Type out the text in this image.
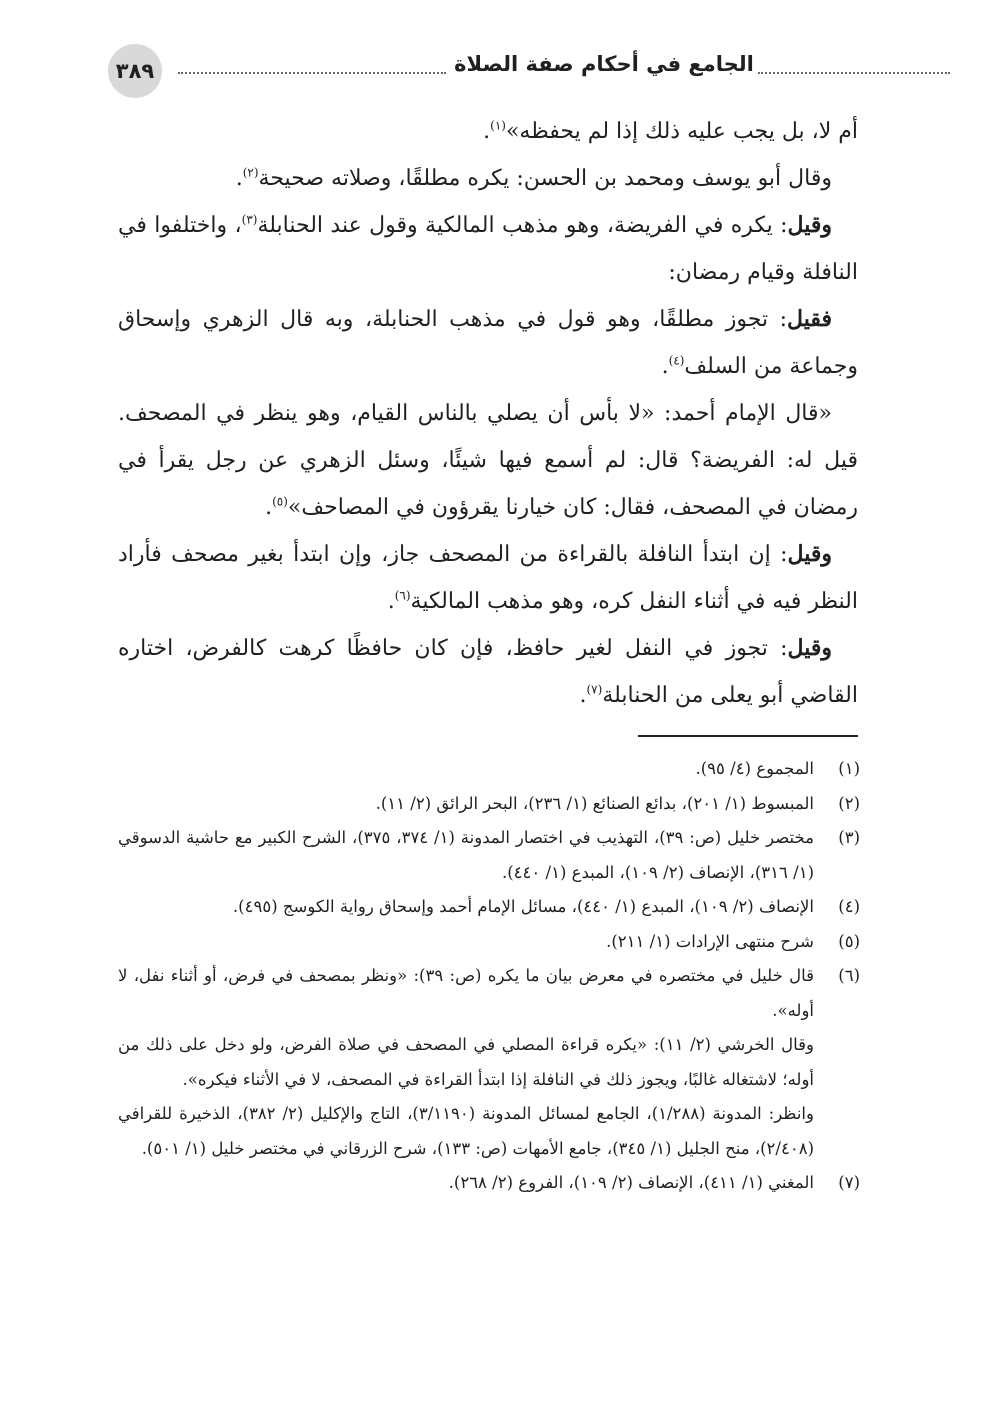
٣٨٩	الجامع في أحكام صفة الصلاة

أم لا، بل يجب عليه ذلك إذا لم يحفظه»$^{(١)}$.

وقال أبو يوسف ومحمد بن الحسن: يكره مطلقًا، وصلاته صحيحة$^{(٢)}$.

وقيل: يكره في الفريضة، وهو مذهب المالكية وقول عند الحنابلة$^{(٣)}$، واختلفوا في النافلة وقيام رمضان:

فقيل: تجوز مطلقًا، وهو قول في مذهب الحنابلة، وبه قال الزهري وإسحاق وجماعة من السلف$^{(٤)}$.

«قال الإمام أحمد: «لا بأس أن يصلي بالناس القيام، وهو ينظر في المصحف. قيل له: الفريضة؟ قال: لم أسمع فيها شيئًا، وسئل الزهري عن رجل يقرأ في رمضان في المصحف، فقال: كان خيارنا يقرؤون في المصاحف»$^{(٥)}$.

وقيل: إن ابتدأ النافلة بالقراءة من المصحف جاز، وإن ابتدأ بغير مصحف فأراد النظر فيه في أثناء النفل كره، وهو مذهب المالكية$^{(٦)}$.

وقيل: تجوز في النفل لغير حافظ، فإن كان حافظًا كرهت كالفرض، اختاره القاضي أبو يعلى من الحنابلة$^{(٧)}$.

(١)
المجموع (٤/ ٩٥).
(٢)
المبسوط (١/ ٢٠١)، بدائع الصنائع (١/ ٢٣٦)، البحر الرائق (٢/ ١١).
(٣)
مختصر خليل (ص: ٣٩)، التهذيب في اختصار المدونة (١/ ٣٧٤، ٣٧٥)، الشرح الكبير مع حاشية الدسوقي (١/ ٣١٦)، الإنصاف (٢/ ١٠٩)، المبدع (١/ ٤٤٠).
(٤)
الإنصاف (٢/ ١٠٩)، المبدع (١/ ٤٤٠)، مسائل الإمام أحمد وإسحاق رواية الكوسج (٤٩٥).
(٥)
شرح منتهى الإرادات (١/ ٢١١).
(٦)
قال خليل في مختصره في معرض بيان ما يكره (ص: ٣٩): «ونظر بمصحف في فرض، أو أثناء نفل، لا أوله».

وقال الخرشي (٢/ ١١): «يكره قراءة المصلي في المصحف في صلاة الفرض، ولو دخل على ذلك من أوله؛ لاشتغاله غالبًا، ويجوز ذلك في النافلة إذا ابتدأ القراءة في المصحف، لا في الأثناء فيكره».

وانظر: المدونة (١/٢٨٨)، الجامع لمسائل المدونة (٣/١١٩٠)، التاج والإكليل (٢/ ٣٨٢)، الذخيرة للقرافي (٢/٤٠٨)، منح الجليل (١/ ٣٤٥)، جامع الأمهات (ص: ١٣٣)، شرح الزرقاني في مختصر خليل (١/ ٥٠١).

(٧)
المغني (١/ ٤١١)، الإنصاف (٢/ ١٠٩)، الفروع (٢/ ٢٦٨).
